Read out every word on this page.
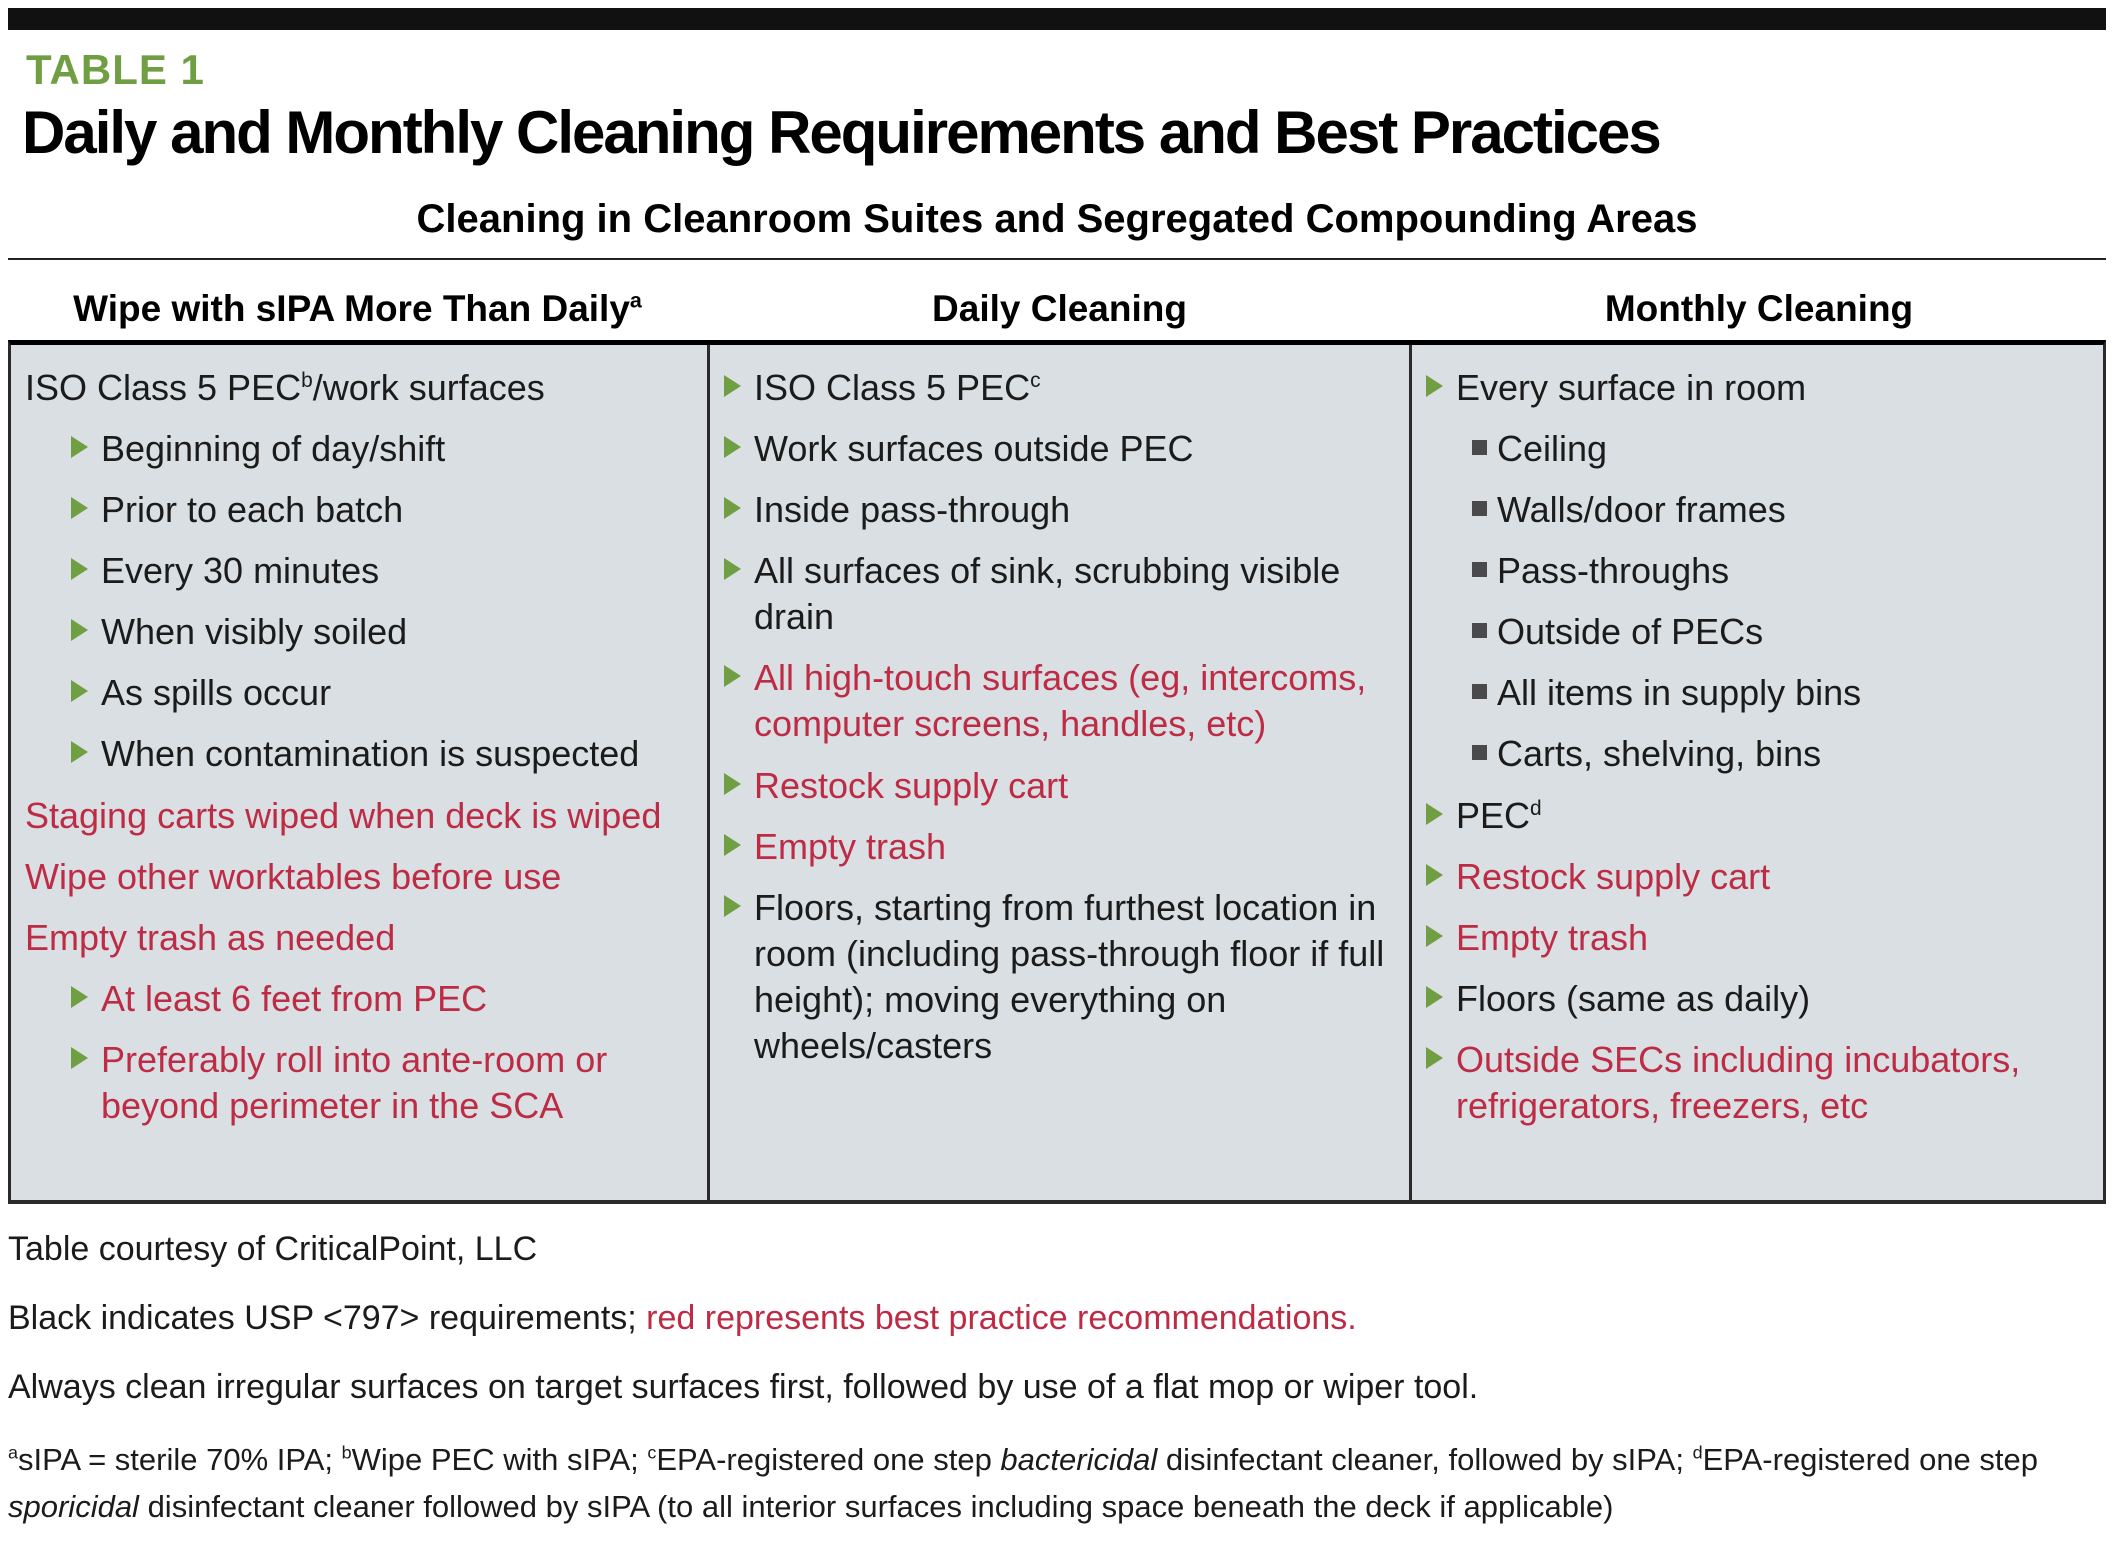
TABLE 1
Daily and Monthly Cleaning Requirements and Best Practices
Cleaning in Cleanroom Suites and Segregated Compounding Areas
Wipe with sIPA More Than Daily$^a$	Daily Cleaning	Monthly Cleaning
ISO Class 5 PEC$^b$/work surfaces
Beginning of day/shift
Prior to each batch
Every 30 minutes
When visibly soiled
As spills occur
When contamination is suspected
Staging carts wiped when deck is wiped
Wipe other worktables before use
Empty trash as needed
At least 6 feet from PEC
Preferably roll into ante-room or beyond perimeter in the SCA
ISO Class 5 PEC$^c$
Work surfaces outside PEC
Inside pass-through
All surfaces of sink, scrubbing visible drain
All high-touch surfaces (eg, intercoms, computer screens, handles, etc)
Restock supply cart
Empty trash
Floors, starting from furthest location in room (including pass-through floor if full height); moving everything on wheels/casters
Every surface in room
Ceiling
Walls/door frames
Pass-throughs
Outside of PECs
All items in supply bins
Carts, shelving, bins
PEC$^d$
Restock supply cart
Empty trash
Floors (same as daily)
Outside SECs including incubators, refrigerators, freezers, etc
Table courtesy of CriticalPoint, LLC
Black indicates USP <797> requirements; red represents best practice recommendations.
Always clean irregular surfaces on target surfaces first, followed by use of a flat mop or wiper tool.
$^a$sIPA = sterile 70% IPA; $^b$Wipe PEC with sIPA; $^c$EPA-registered one step bactericidal disinfectant cleaner, followed by sIPA; $^d$EPA-registered one step sporicidal disinfectant cleaner followed by sIPA (to all interior surfaces including space beneath the deck if applicable)
